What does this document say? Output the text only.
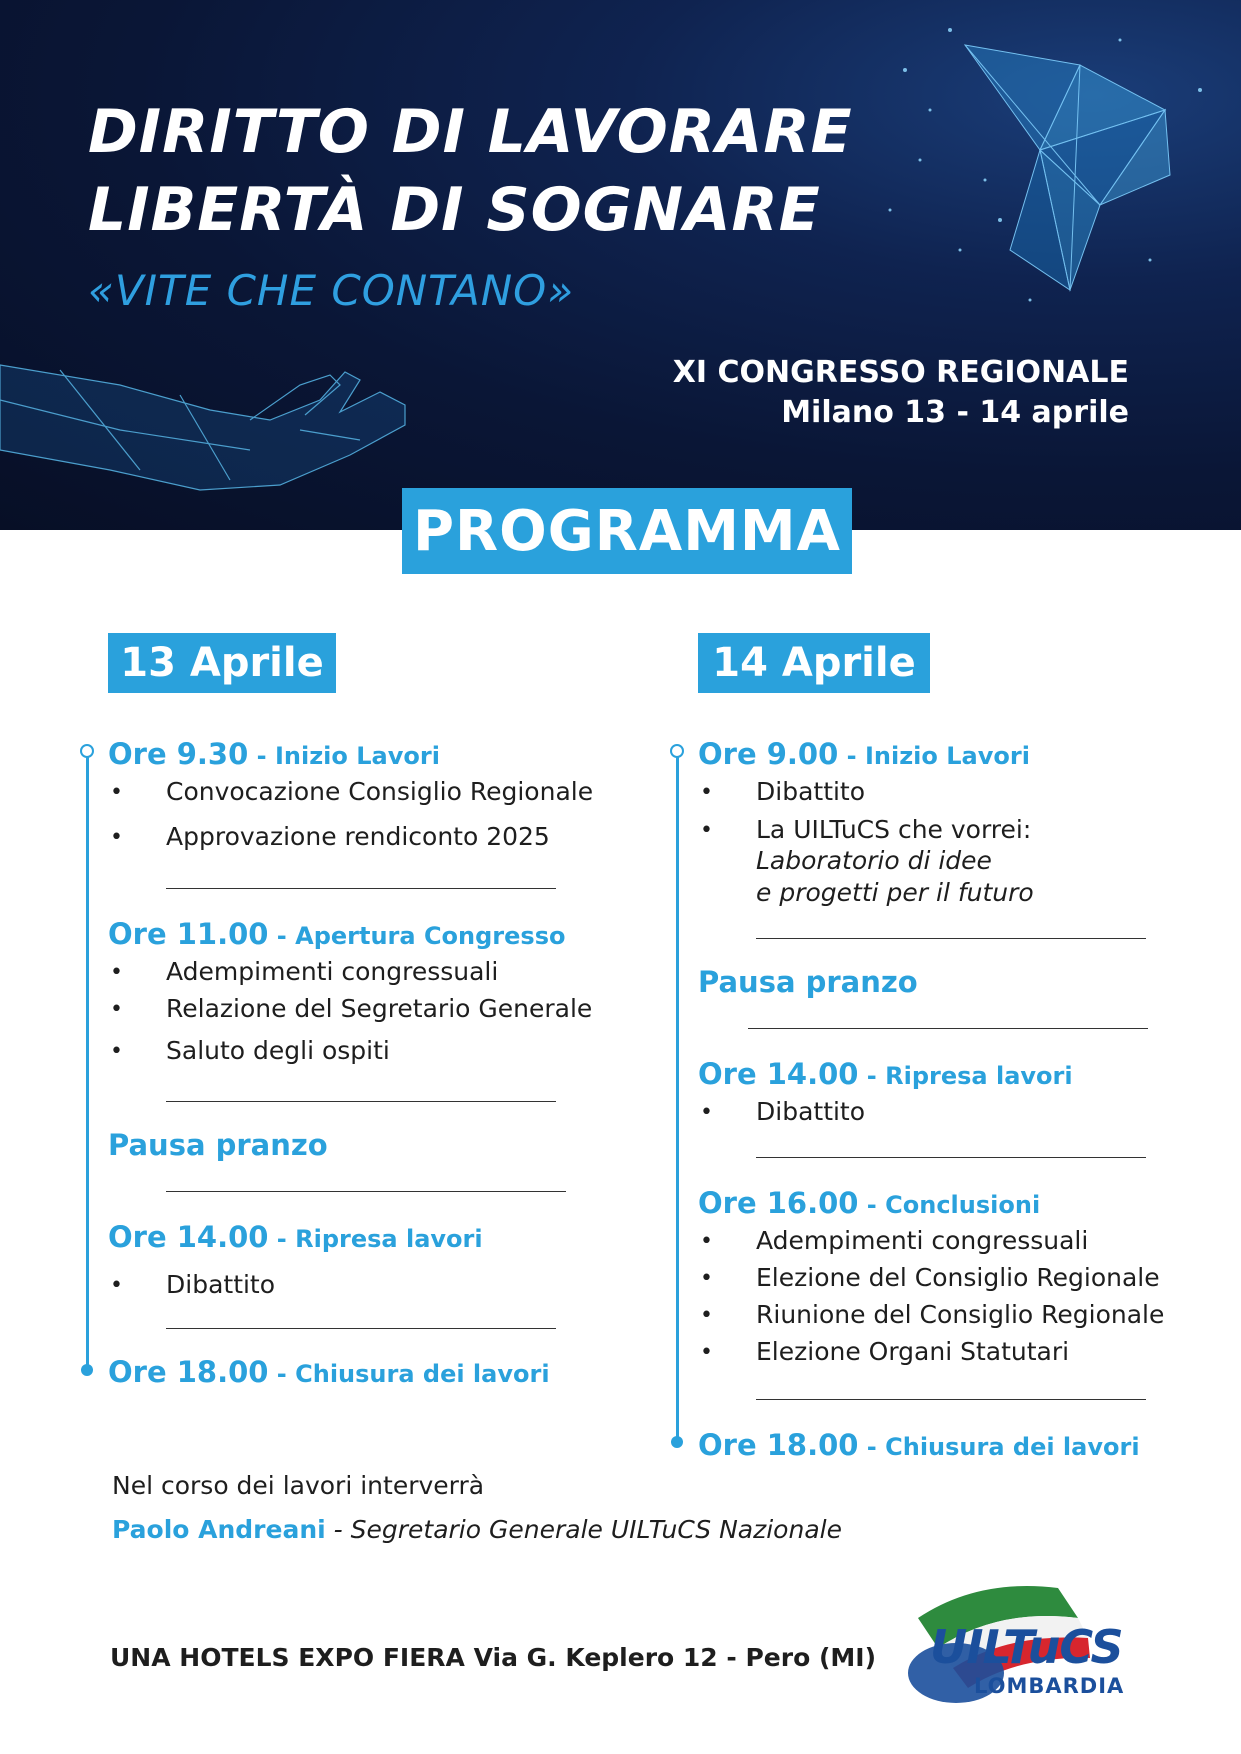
DIRITTO DI LAVORARE
LIBERTÀ DI SOGNARE
«VITE CHE CONTANO»
XI CONGRESSO REGIONALE
Milano 13 - 14 aprile
PROGRAMMA
13 Aprile
Ore 9.30 - Inizio Lavori
• Convocazione Consiglio Regionale
• Approvazione rendiconto 2025
Ore 11.00 - Apertura Congresso
• Adempimenti congressuali
• Relazione del Segretario Generale
• Saluto degli ospiti
Pausa pranzo
Ore 14.00 - Ripresa lavori
• Dibattito
Ore 18.00 - Chiusura dei lavori
14 Aprile
Ore 9.00 - Inizio Lavori
• Dibattito
• La UILTuCS che vorrei:
Laboratorio di idee
e progetti per il futuro
Pausa pranzo
Ore 14.00 - Ripresa lavori
• Dibattito
Ore 16.00 - Conclusioni
• Adempimenti congressuali
• Elezione del Consiglio Regionale
• Riunione del Consiglio Regionale
• Elezione Organi Statutari
Ore 18.00 - Chiusura dei lavori
Nel corso dei lavori interverrà
Paolo Andreani - Segretario Generale UILTuCS Nazionale
UNA HOTELS EXPO FIERA Via G. Keplero 12 - Pero (MI) UILTuCS
LOMBARDIA
